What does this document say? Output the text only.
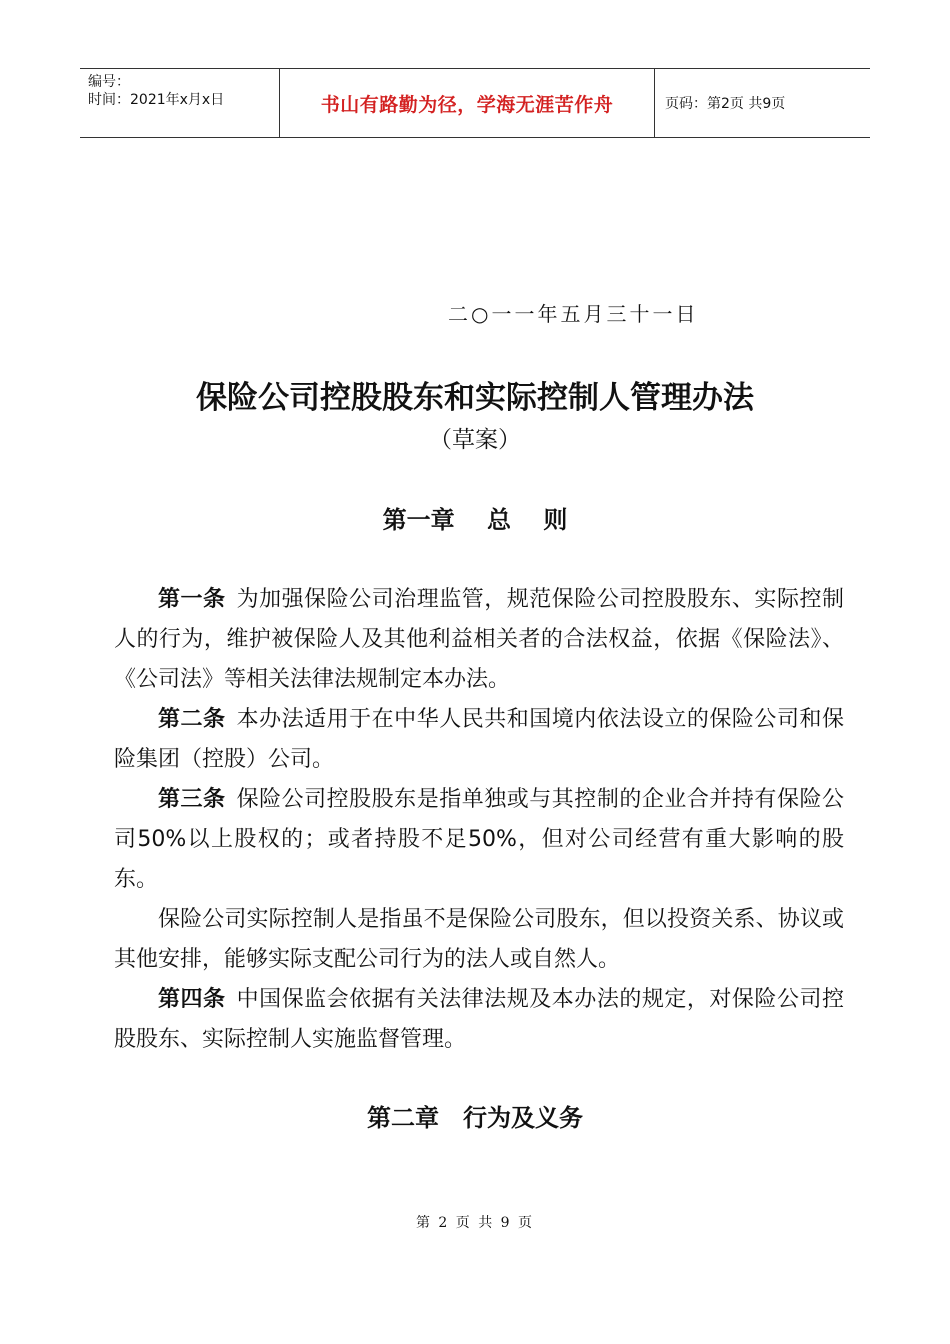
编号：
时间：2021年x月x日	书山有路勤为径，学海无涯苦作舟	页码：第2页 共9页
二○一一年五月三十一日
保险公司控股股东和实际控制人管理办法
（草案）
第一章　 总　 则

第一条 为加强保险公司治理监管，规范保险公司控股股东、实际控制人的行为，维护被保险人及其他利益相关者的合法权益，依据《保险法》、《公司法》等相关法律法规制定本办法。

第二条 本办法适用于在中华人民共和国境内依法设立的保险公司和保险集团（控股）公司。

第三条 保险公司控股股东是指单独或与其控制的企业合并持有保险公司50%以上股权的；或者持股不足50%，但对公司经营有重大影响的股东。

保险公司实际控制人是指虽不是保险公司股东，但以投资关系、协议或其他安排，能够实际支配公司行为的法人或自然人。

第四条 中国保监会依据有关法律法规及本办法的规定，对保险公司控股股东、实际控制人实施监督管理。

第二章　行为及义务
第 2 页 共 9 页
